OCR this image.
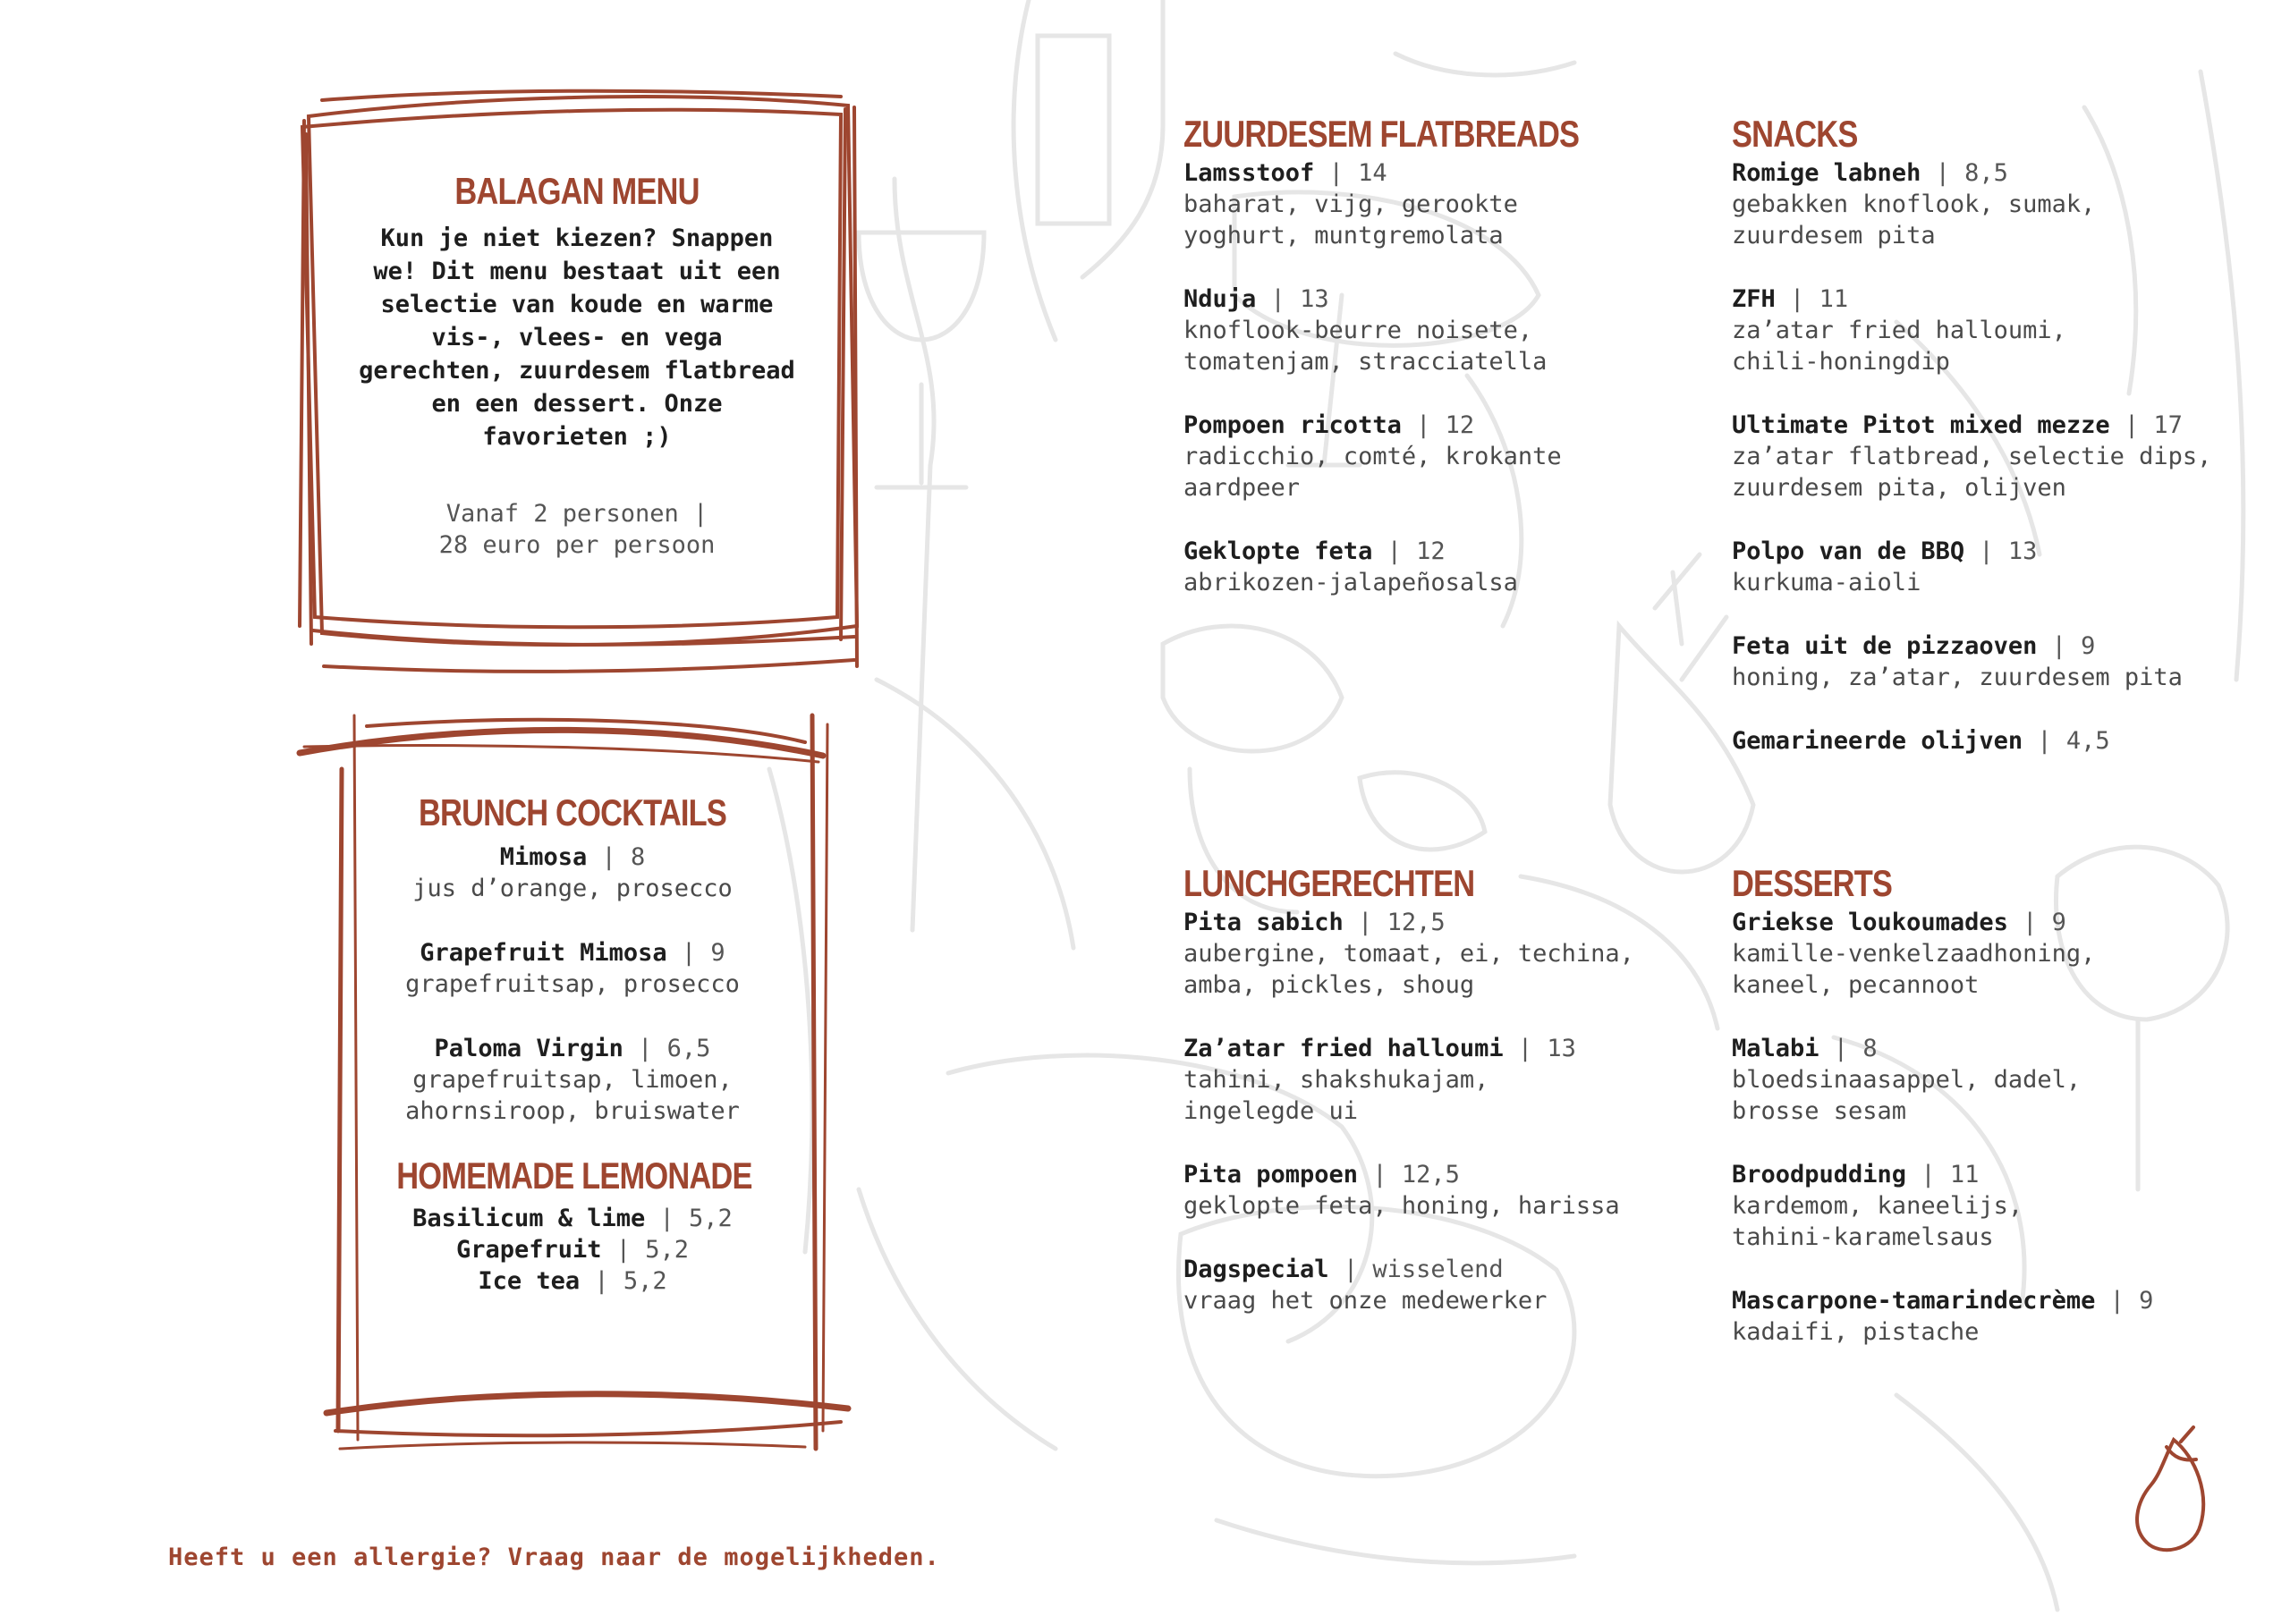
BALAGAN MENU
Kun je niet kiezen? Snappen we! Dit menu bestaat uit een selectie van koude en warme vis-, vlees- en vega gerechten, zuurdesem flatbread en een dessert. Onze favorieten ;)
Vanaf 2 personen |
28 euro per persoon
BRUNCH COCKTAILS
Mimosa | 8
jus d’orange, prosecco
Grapefruit Mimosa | 9
grapefruitsap, prosecco
Paloma Virgin | 6,5
grapefruitsap, limoen,
ahornsiroop, bruiswater
HOMEMADE LEMONADE
Basilicum & lime | 5,2
Grapefruit | 5,2
Ice tea | 5,2
ZUURDESEM FLATBREADS
Lamsstoof | 14
baharat, vijg, gerookte
yoghurt, muntgremolata
Nduja | 13
knoflook-beurre noisete,
tomatenjam, stracciatella
Pompoen ricotta | 12
radicchio, comté, krokante
aardpeer
Geklopte feta | 12
abrikozen-jalapeñosalsa
SNACKS
Romige labneh | 8,5
gebakken knoflook, sumak,
zuurdesem pita
ZFH | 11
za’atar fried halloumi,
chili-honingdip
Ultimate Pitot mixed mezze | 17
za’atar flatbread, selectie dips,
zuurdesem pita, olijven
Polpo van de BBQ | 13
kurkuma-aioli
Feta uit de pizzaoven | 9
honing, za’atar, zuurdesem pita
Gemarineerde olijven | 4,5
LUNCHGERECHTEN
Pita sabich | 12,5
aubergine, tomaat, ei, techina,
amba, pickles, shoug
Za’atar fried halloumi | 13
tahini, shakshukajam,
ingelegde ui
Pita pompoen | 12,5
geklopte feta, honing, harissa
Dagspecial | wisselend
vraag het onze medewerker
DESSERTS
Griekse loukoumades | 9
kamille-venkelzaadhoning,
kaneel, pecannoot
Malabi | 8
bloedsinaasappel, dadel,
brosse sesam
Broodpudding | 11
kardemom, kaneelijs,
tahini-karamelsaus
Mascarpone-tamarindecrème | 9
kadaifi, pistache
Heeft u een allergie? Vraag naar de mogelijkheden.
